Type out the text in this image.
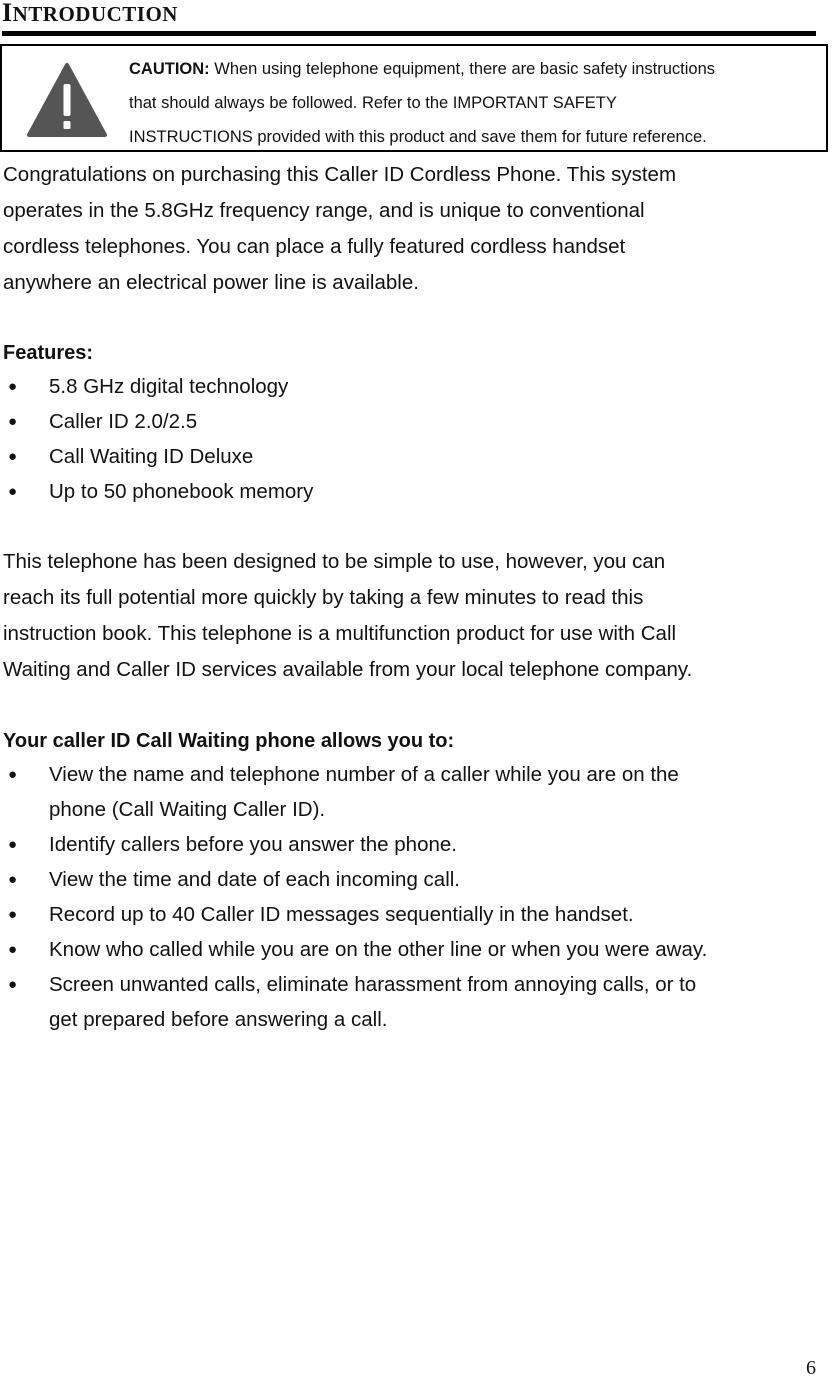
INTRODUCTION
CAUTION: When using telephone equipment, there are basic safety instructions
that should always be followed. Refer to the IMPORTANT SAFETY
INSTRUCTIONS provided with this product and save them for future reference.
Congratulations on purchasing this Caller ID Cordless Phone. This system
operates in the 5.8GHz frequency range, and is unique to conventional
cordless telephones. You can place a fully featured cordless handset
anywhere an electrical power line is available.
Features:
● 5.8 GHz digital technology
● Caller ID 2.0/2.5
● Call Waiting ID Deluxe
● Up to 50 phonebook memory
This telephone has been designed to be simple to use, however, you can
reach its full potential more quickly by taking a few minutes to read this
instruction book. This telephone is a multifunction product for use with Call
Waiting and Caller ID services available from your local telephone company.
Your caller ID Call Waiting phone allows you to:
● View the name and telephone number of a caller while you are on the
phone (Call Waiting Caller ID).
● Identify callers before you answer the phone.
● View the time and date of each incoming call.
● Record up to 40 Caller ID messages sequentially in the handset.
● Know who called while you are on the other line or when you were away.
● Screen unwanted calls, eliminate harassment from annoying calls, or to
get prepared before answering a call.
6
